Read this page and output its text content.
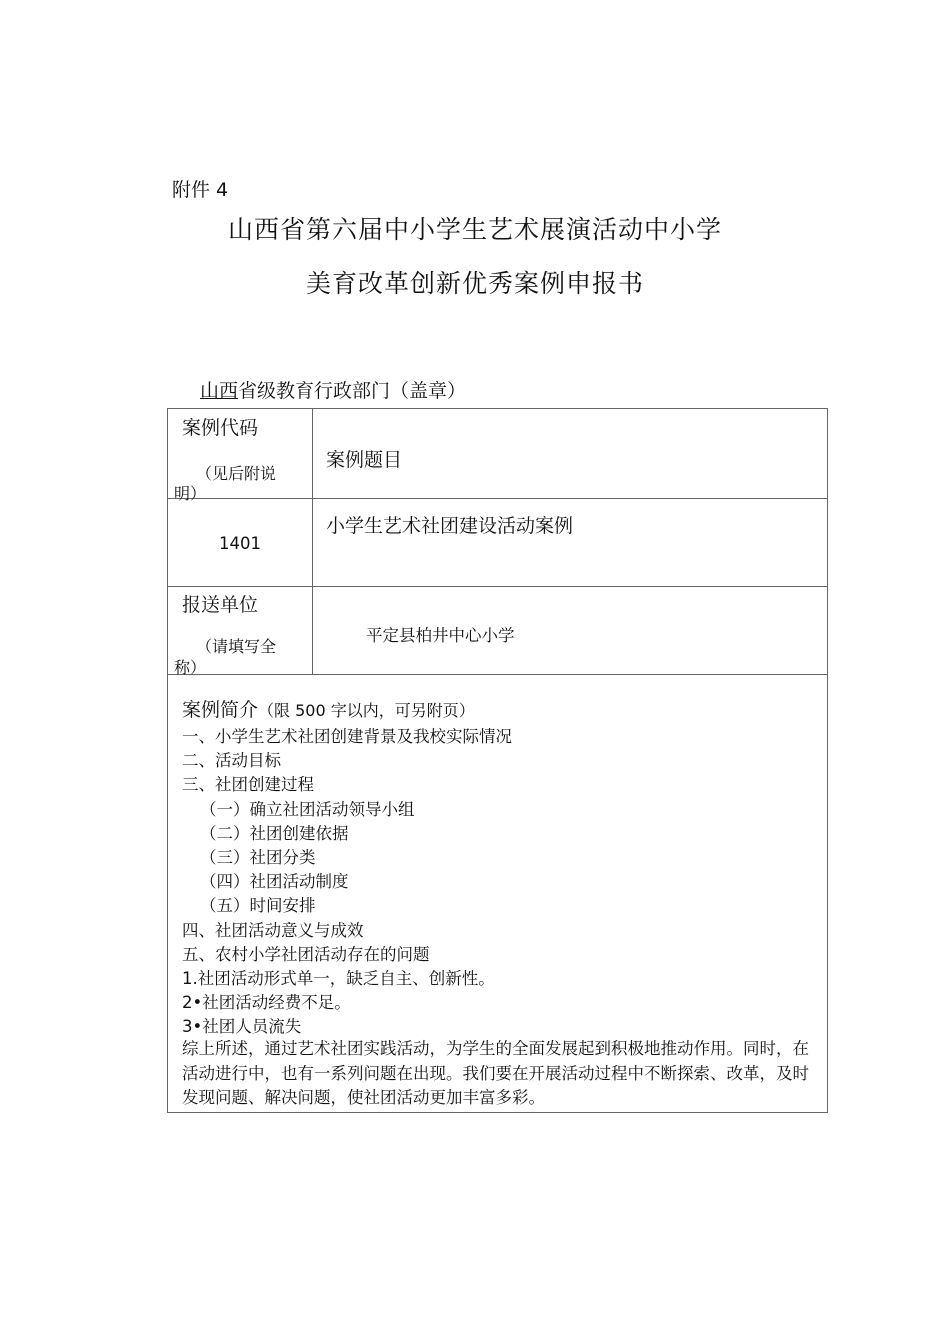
附件 4
山西省第六届中小学生艺术展演活动中小学
美育改革创新优秀案例申报书
山西省级教育行政部门（盖章）
案例代码
（见后附说
明）
案例题目
1401
小学生艺术社团建设活动案例
报送单位
（请填写全
称）
平定县柏井中心小学
案例简介（限 500 字以内，可另附页）
一、小学生艺术社团创建背景及我校实际情况
二、活动目标
三、社团创建过程
（一）确立社团活动领导小组
（二）社团创建依据
（三）社团分类
（四）社团活动制度
（五）时间安排
四、社团活动意义与成效
五、农村小学社团活动存在的问题
1.社团活动形式单一，缺乏自主、创新性。
2•社团活动经费不足。
3•社团人员流失
综上所述，通过艺术社团实践活动，为学生的全面发展起到积极地推动作用。同时，在活动进行中，也有一系列问题在出现。我们要在开展活动过程中不断探索、改革，及时发现问题、解决问题，使社团活动更加丰富多彩。
